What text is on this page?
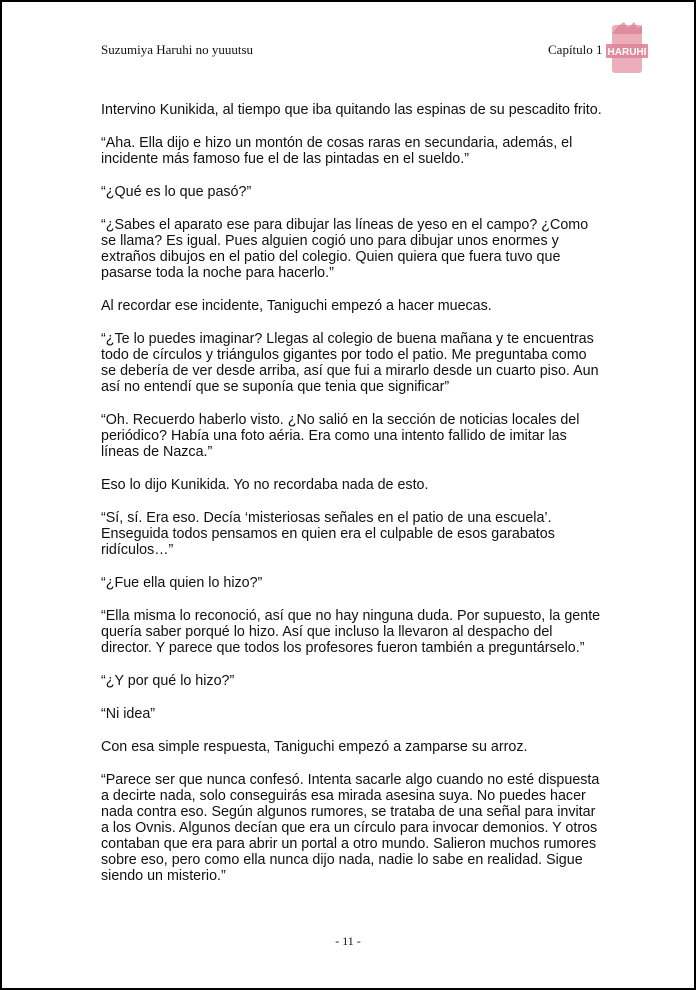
Suzumiya Haruhi no yuuutsu	Capítulo 1 HARUHI

Intervino Kunikida, al tiempo que iba quitando las espinas de su pescadito frito.

“Aha. Ella dijo e hizo un montón de cosas raras en secundaria, además, el incidente más famoso fue el de las pintadas en el sueldo.”

“¿Qué es lo que pasó?”

“¿Sabes el aparato ese para dibujar las líneas de yeso en el campo? ¿Como se llama? Es igual. Pues alguien cogió uno para dibujar unos enormes y extraños dibujos en el patio del colegio. Quien quiera que fuera tuvo que pasarse toda la noche para hacerlo.”

Al recordar ese incidente, Taniguchi empezó a hacer muecas.

“¿Te lo puedes imaginar? Llegas al colegio de buena mañana y te encuentras todo de círculos y triángulos gigantes por todo el patio. Me preguntaba como se debería de ver desde arriba, así que fui a mirarlo desde un cuarto piso. Aun así no entendí que se suponía que tenia que significar”

“Oh. Recuerdo haberlo visto. ¿No salió en la sección de noticias locales del periódico? Había una foto aéria. Era como una intento fallido de imitar las líneas de Nazca.”

Eso lo dijo Kunikida. Yo no recordaba nada de esto.

“Sí, sí. Era eso. Decía ‘misteriosas señales en el patio de una escuela’. Enseguida todos pensamos en quien era el culpable de esos garabatos ridículos…”

“¿Fue ella quien lo hizo?”

“Ella misma lo reconoció, así que no hay ninguna duda. Por supuesto, la gente quería saber porqué lo hizo. Así que incluso la llevaron al despacho del director. Y parece que todos los profesores fueron también a preguntárselo.”

“¿Y por qué lo hizo?”

“Ni idea”

Con esa simple respuesta, Taniguchi empezó a zamparse su arroz.

“Parece ser que nunca confesó. Intenta sacarle algo cuando no esté dispuesta a decirte nada, solo conseguirás esa mirada asesina suya. No puedes hacer nada contra eso. Según algunos rumores, se trataba de una señal para invitar a los Ovnis. Algunos decían que era un círculo para invocar demonios. Y otros contaban que era para abrir un portal a otro mundo. Salieron muchos rumores sobre eso, pero como ella nunca dijo nada, nadie lo sabe en realidad. Sigue siendo un misterio.”

- 11 -
